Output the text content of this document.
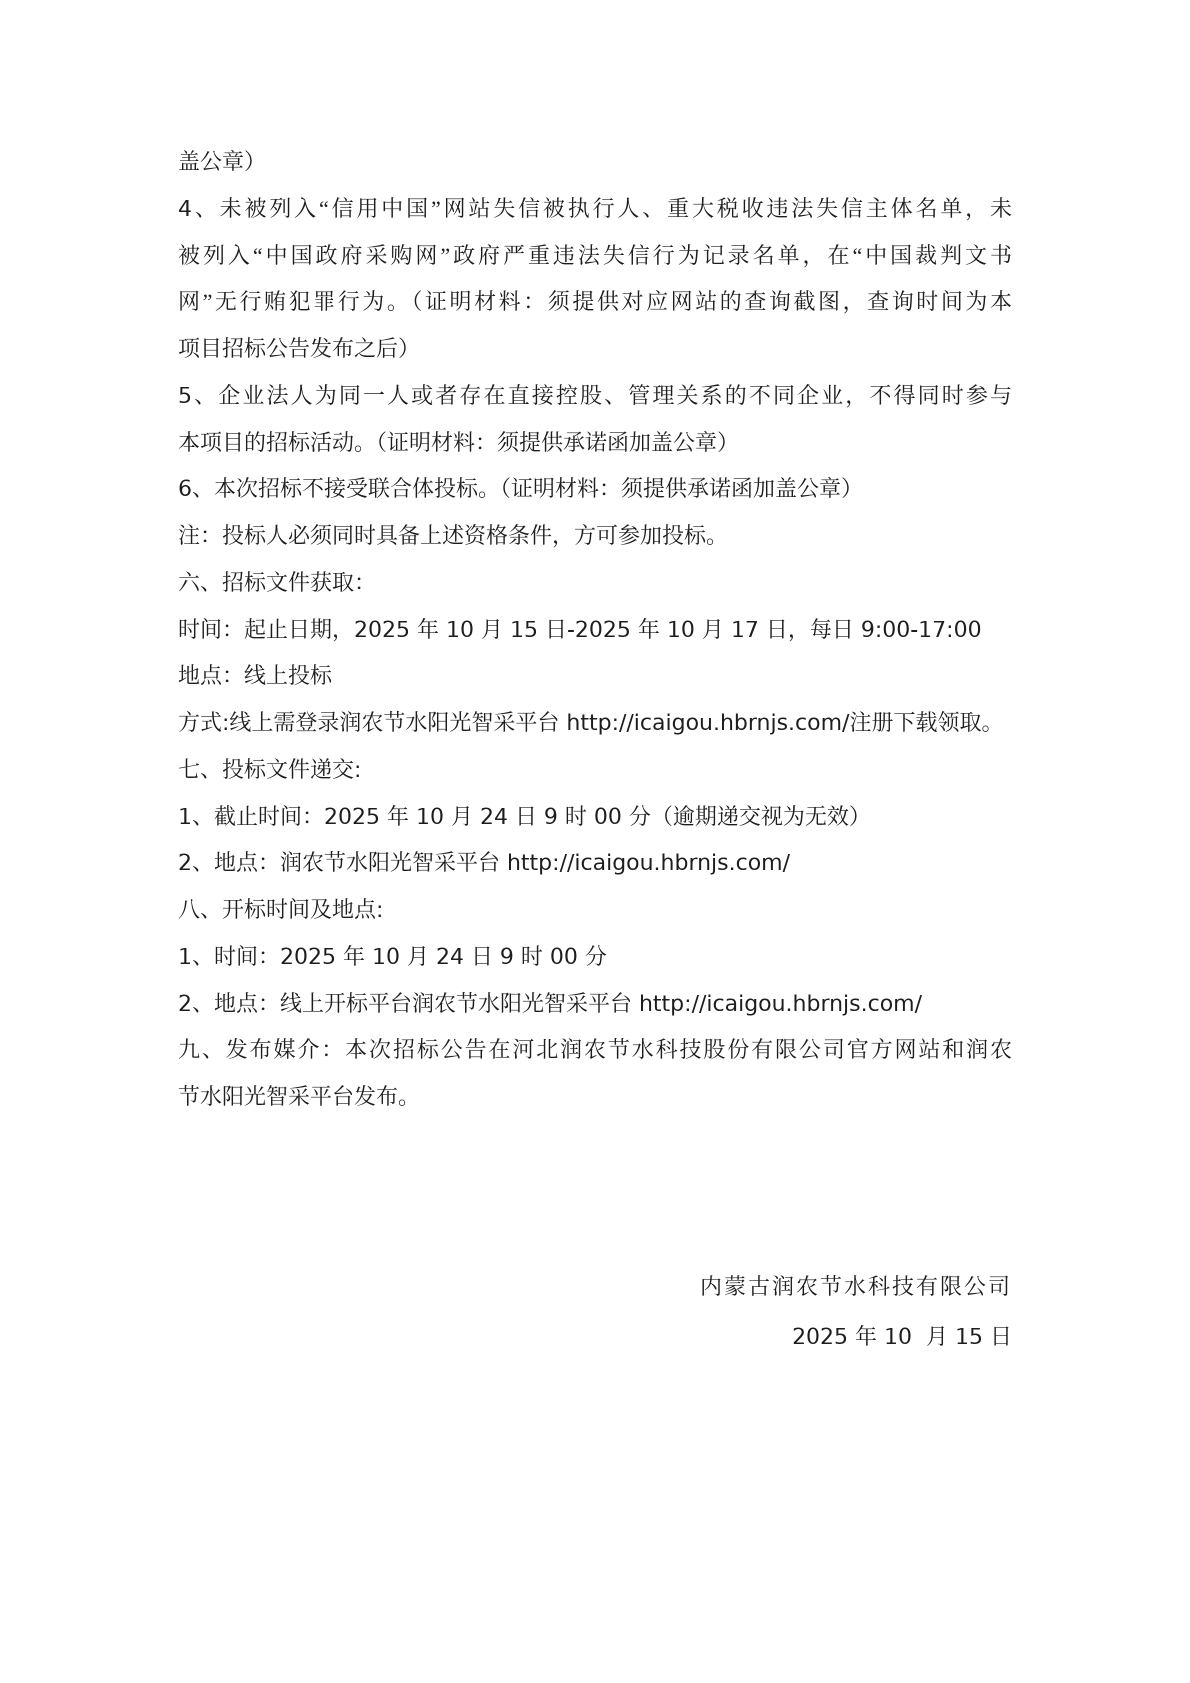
盖公章）
4、未被列入“信用中国”网站失信被执行人、重大税收违法失信主体名单，未
被列入“中国政府采购网”政府严重违法失信行为记录名单，在“中国裁判文书
网”无行贿犯罪行为。（证明材料：须提供对应网站的查询截图，查询时间为本
项目招标公告发布之后）
5、企业法人为同一人或者存在直接控股、管理关系的不同企业，不得同时参与
本项目的招标活动。（证明材料：须提供承诺函加盖公章）
6、本次招标不接受联合体投标。（证明材料：须提供承诺函加盖公章）
注：投标人必须同时具备上述资格条件，方可参加投标。
六、招标文件获取：
时间：起止日期，2025 年 10 月 15 日-2025 年 10 月 17 日，每日 9:00-17:00
地点：线上投标
方式:线上需登录润农节水阳光智采平台 http://icaigou.hbrnjs.com/注册下载领取。
七、投标文件递交:
1、截止时间：2025 年 10 月 24 日 9 时 00 分（逾期递交视为无效）
2、地点：润农节水阳光智采平台 http://icaigou.hbrnjs.com/
八、开标时间及地点:
1、时间：2025 年 10 月 24 日 9 时 00 分
2、地点：线上开标平台润农节水阳光智采平台 http://icaigou.hbrnjs.com/
九、发布媒介：本次招标公告在河北润农节水科技股份有限公司官方网站和润农
节水阳光智采平台发布。
内蒙古润农节水科技有限公司
2025 年 10  月 15 日
